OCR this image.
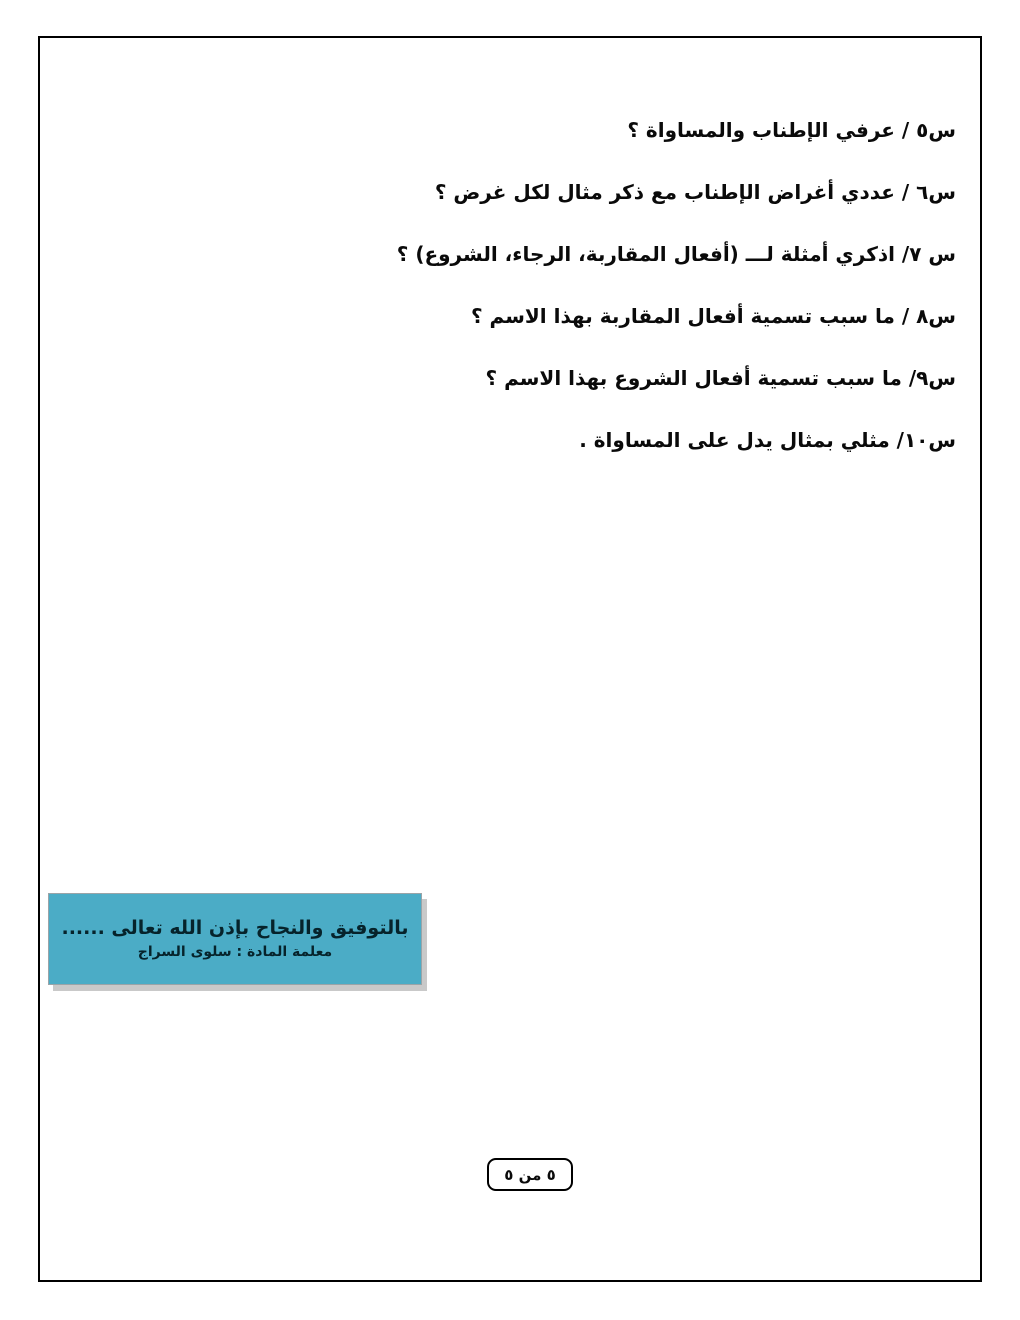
س٥ / عرفي الإطناب والمساواة ؟
س٦ / عددي أغراض الإطناب مع ذكر مثال لكل غرض ؟
س ٧/ اذكري أمثلة لـــ (أفعال المقاربة، الرجاء، الشروع) ؟
س٨ / ما سبب تسمية أفعال المقاربة بهذا الاسم ؟
س٩/ ما سبب تسمية أفعال الشروع بهذا الاسم ؟
س١٠/ مثلي بمثال يدل على المساواة .
بالتوفيق والنجاح بإذن الله تعالى ......
معلمة المادة : سلوى السراج
٥ من ٥
